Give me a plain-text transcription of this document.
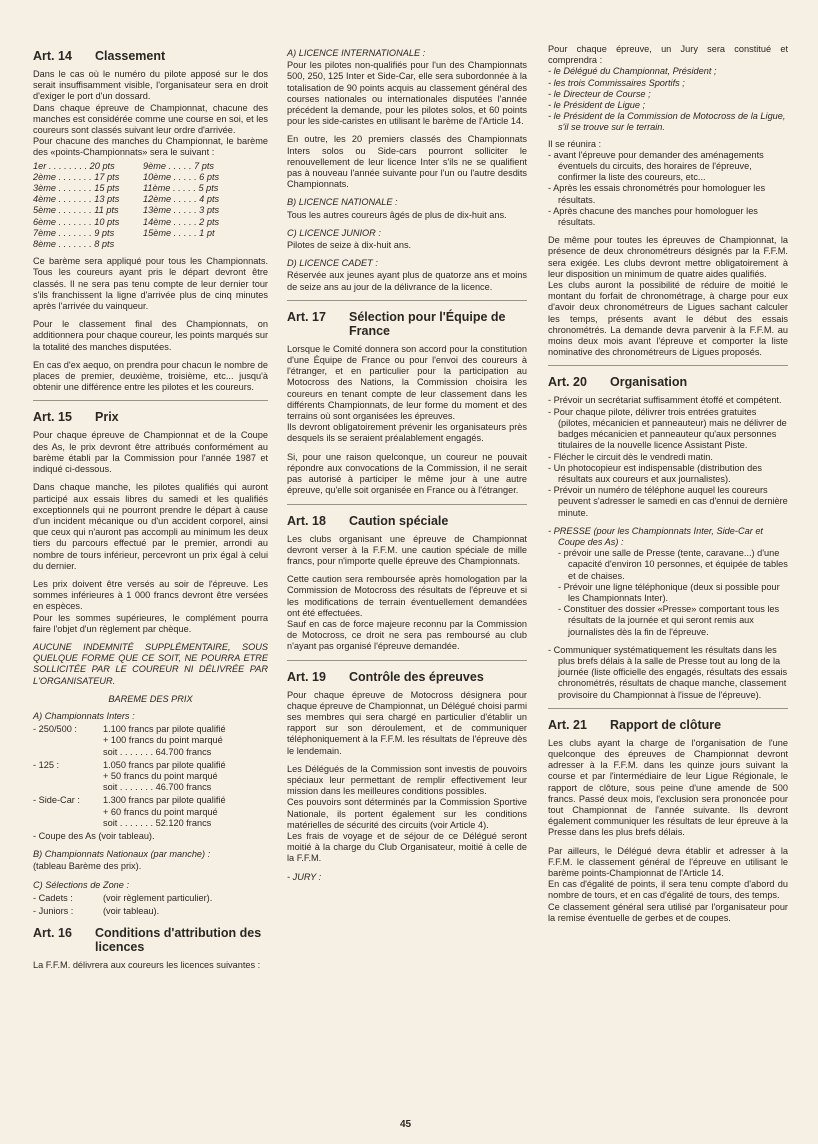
Art. 14	Classement

Dans le cas où le numéro du pilote apposé sur le dos serait insuffisamment visible, l'organisateur sera en droit d'exiger le port d'un dossard.

Dans chaque épreuve de Championnat, chacune des manches est considérée comme une course en soi, et les coureurs sont classés suivant leur ordre d'arrivée.

Pour chacune des manches du Championnat, le barème des «points-Championnats» sera le suivant :

1er . . . . . . . . 20 pts	9ème . . . . . 7 pts
2ème . . . . . . . 17 pts	10ème . . . . . 6 pts
3ème . . . . . . . 15 pts	11ème . . . . . 5 pts
4ème . . . . . . . 13 pts	12ème . . . . . 4 pts
5ème . . . . . . . 11 pts	13ème . . . . . 3 pts
6ème . . . . . . . 10 pts	14ème . . . . . 2 pts
7ème . . . . . . . 9 pts	15ème . . . . . 1 pt
8ème . . . . . . . 8 pts

Ce barème sera appliqué pour tous les Championnats. Tous les coureurs ayant pris le départ devront être classés. Il ne sera pas tenu compte de leur dernier tour s'ils franchissent la ligne d'arrivée plus de cinq minutes après l'arrivée du vainqueur.

Pour le classement final des Championnats, on additionnera pour chaque coureur, les points marqués sur la totalité des manches disputées.

En cas d'ex aequo, on prendra pour chacun le nombre de places de premier, deuxième, troisième, etc... jusqu'à obtenir une différence entre les pilotes et les coureurs.

Art. 15	Prix

Pour chaque épreuve de Championnat et de la Coupe des As, le prix devront être attribués conformément au barème établi par la Commission pour l'année 1987 et indiqué ci-dessous.

Dans chaque manche, les pilotes qualifiés qui auront participé aux essais libres du samedi et les qualifiés exceptionnels qui ne pourront prendre le départ à cause d'un incident mécanique ou d'un accident corporel, ainsi que ceux qui n'auront pas accompli au minimum les deux tiers du parcours effectué par le premier, arrondi au nombre de tours inférieur, percevront un prix égal à celui du dernier.

Les prix doivent être versés au soir de l'épreuve. Les sommes inférieures à 1 000 francs devront être versées en espèces.

Pour les sommes supérieures, le complément pourra faire l'objet d'un règlement par chèque.

AUCUNE INDEMNITÉ SUPPLÉMENTAIRE, SOUS QUELQUE FORME QUE CE SOIT, NE POURRA ETRE SOLLICITÉE PAR LE COUREUR NI DÉLIVRÉE PAR L'ORGANISATEUR.

BAREME DES PRIX
A) Championnats Inters :
- 250/500 :	1.100 francs par pilote qualifié
+ 100 francs du point marqué
soit . . . . . . . 64.700 francs
- 125 :	1.050 francs par pilote qualifié
+ 50 francs du point marqué
soit . . . . . . . 46.700 francs
- Side-Car :	1.300 francs par pilote qualifié
+ 60 francs du point marqué
soit . . . . . . . 52.120 francs

- Coupe des As (voir tableau).

B) Championnats Nationaux (par manche) :

(tableau Barème des prix).

C) Sélections de Zone :
- Cadets :	(voir règlement particulier).
- Juniors :	(voir tableau).
Art. 16	Conditions d'attribution des licences

La F.F.M. délivrera aux coureurs les licences suivantes :

A) LICENCE INTERNATIONALE :

Pour les pilotes non-qualifiés pour l'un des Championnats 500, 250, 125 Inter et Side-Car, elle sera subordonnée à la totalisation de 90 points acquis au classement général des courses nationales ou internationales disputées l'année précédent la demande, pour les pilotes solos, et 60 points pour les side-caristes en utilisant le barème de l'Article 14.

En outre, les 20 premiers classés des Championnats Inters solos ou Side-cars pourront solliciter le renouvellement de leur licence Inter s'ils ne se qualifient pas à nouveau l'année suivante pour l'un ou l'autre desdits Championnats.

B) LICENCE NATIONALE :

Tous les autres coureurs âgés de plus de dix-huit ans.

C) LICENCE JUNIOR :

Pilotes de seize à dix-huit ans.

D) LICENCE CADET :

Réservée aux jeunes ayant plus de quatorze ans et moins de seize ans au jour de la délivrance de la licence.

Art. 17	Sélection pour l'Équipe de France

Lorsque le Comité donnera son accord pour la constitution d'une Équipe de France ou pour l'envoi des coureurs à l'étranger, et en particulier pour la participation au Motocross des Nations, la Commission choisira les coureurs en tenant compte de leur classement dans les différents Championnats, de leur forme du moment et des terrains où sont organisées les épreuves.

Ils devront obligatoirement prévenir les organisateurs près desquels ils se seraient préalablement engagés.

Si, pour une raison quelconque, un coureur ne pouvait répondre aux convocations de la Commission, il ne serait pas autorisé à participer le même jour à une autre épreuve, qu'elle soit organisée en France ou à l'étranger.

Art. 18	Caution spéciale

Les clubs organisant une épreuve de Championnat devront verser à la F.F.M. une caution spéciale de mille francs, pour n'importe quelle épreuve des Championnats.

Cette caution sera remboursée après homologation par la Commission de Motocross des résultats de l'épreuve et si les modifications de terrain éventuellement demandées ont été effectuées.

Sauf en cas de force majeure reconnu par la Commission de Motocross, ce droit ne sera pas remboursé au club n'ayant pas organisé l'épreuve demandée.

Art. 19	Contrôle des épreuves

Pour chaque épreuve de Motocross désignera pour chaque épreuve de Championnat, un Délégué choisi parmi ses membres qui sera chargé en particulier d'établir un rapport sur son déroulement, et de communiquer téléphoniquement à la F.F.M. les résultats de l'épreuve dès le lendemain.

Les Délégués de la Commission sont investis de pouvoirs spéciaux leur permettant de remplir effectivement leur mission dans les meilleures conditions possibles.

Ces pouvoirs sont déterminés par la Commission Sportive Nationale, ils portent également sur les conditions matérielles de sécurité des circuits (voir Article 4).

Les frais de voyage et de séjour de ce Délégué seront moitié à la charge du Club Organisateur, moitié à celle de la F.F.M.

- JURY :

Pour chaque épreuve, un Jury sera constitué et comprendra :

- le Délégué du Championnat, Président ;
- les trois Commissaires Sportifs ;
- le Directeur de Course ;
- le Président de Ligue ;
- le Président de la Commission de Motocross de la Ligue, s'il se trouve sur le terrain.

Il se réunira :

- avant l'épreuve pour demander des aménagements éventuels du circuits, des horaires de l'épreuve, confirmer la liste des coureurs, etc...
- Après les essais chronométrés pour homologuer les résultats.
- Après chacune des manches pour homologuer les résultats.

De même pour toutes les épreuves de Championnat, la présence de deux chronométreurs désignés par la F.F.M. sera exigée. Les clubs devront mettre obligatoirement à leur disposition un minimum de quatre aides qualifiés.

Les clubs auront la possibilité de réduire de moitié le montant du forfait de chronométrage, à charge pour eux d'avoir deux chronométreurs de Ligues sachant calculer les temps, présents avant le début des essais chronométrés. La demande devra parvenir à la F.F.M. au moins deux mois avant l'épreuve et comporter la liste nominative des chronométreurs de Ligues proposés.

Art. 20	Organisation
- Prévoir un secrétariat suffisamment étoffé et compétent.
- Pour chaque pilote, délivrer trois entrées gratuites (pilotes, mécanicien et panneauteur) mais ne délivrer de badges mécanicien et panneauteur qu'aux personnes titulaires de la nouvelle licence Assistant Piste.
- Flécher le circuit dès le vendredi matin.
- Un photocopieur est indispensable (distribution des résultats aux coureurs et aux journalistes).
- Prévoir un numéro de téléphone auquel les coureurs peuvent s'adresser le samedi en cas d'ennui de dernière minute.
- PRESSE (pour les Championnats Inter, Side-Car et Coupe des As) :
- prévoir une salle de Presse (tente, caravane...) d'une capacité d'environ 10 personnes, et équipée de tables et de chaises.
- Prévoir une ligne téléphonique (deux si possible pour les Championnats Inter).
- Constituer des dossier «Presse» comportant tous les résultats de la journée et qui seront remis aux journalistes dès la fin de l'épreuve.
- Communiquer systématiquement les résultats dans les plus brefs délais à la salle de Presse tout au long de la journée (liste officielle des engagés, résultats des essais chronométrés, résultats de chaque manche, classement provisoire du Championnat à l'issue de l'épreuve).
Art. 21	Rapport de clôture

Les clubs ayant la charge de l'organisation de l'une quelconque des épreuves de Championnat devront adresser à la F.F.M. dans les quinze jours suivant la course et par l'intermédiaire de leur Ligue Régionale, le rapport de clôture, sous peine d'une amende de 500 francs. Passé deux mois, l'exclusion sera prononcée pour tout Championnat de l'année suivante. Ils devront également communiquer les résultats de leur épreuve à la Presse dans les plus brefs délais.

Par ailleurs, le Délégué devra établir et adresser à la F.F.M. le classement général de l'épreuve en utilisant le barème points-Championnat de l'Article 14.

En cas d'égalité de points, il sera tenu compte d'abord du nombre de tours, et en cas d'égalité de tours, des temps.

Ce classement général sera utilisé par l'organisateur pour la remise éventuelle de gerbes et de coupes.

45
